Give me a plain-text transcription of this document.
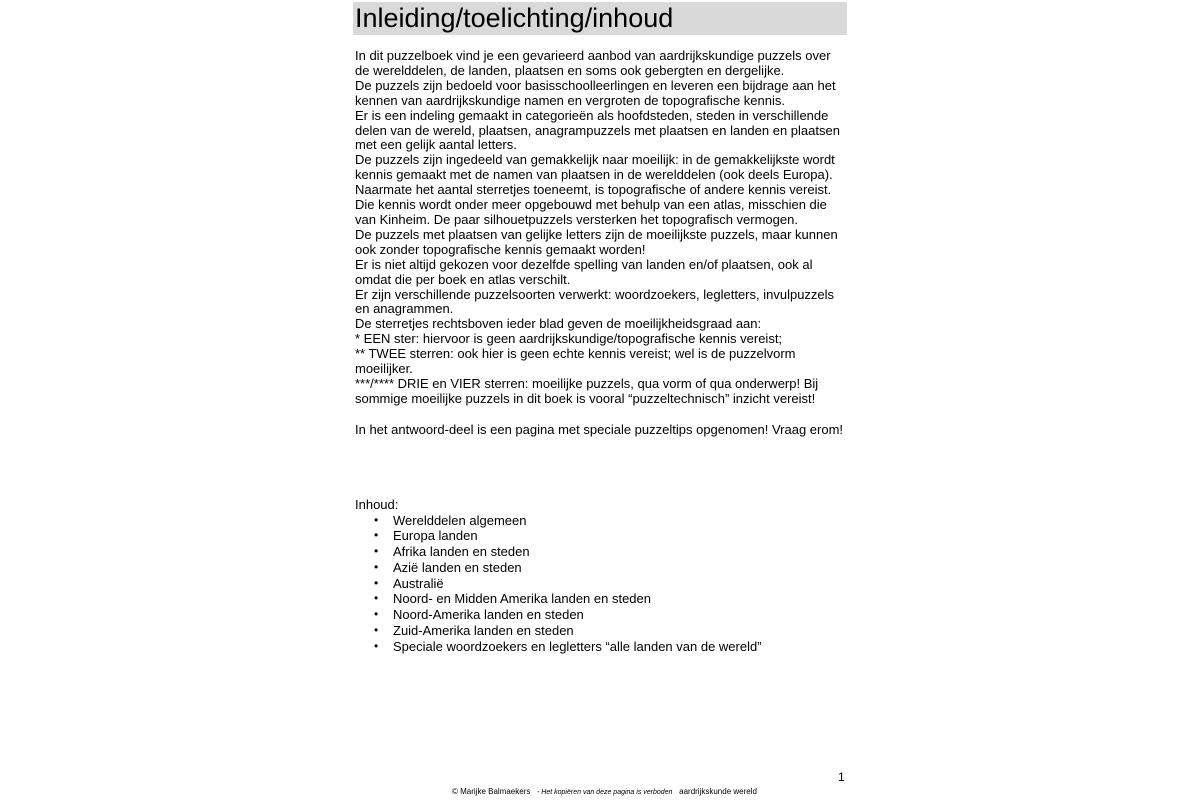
Inleiding/toelichting/inhoud

In dit puzzelboek vind je een gevarieerd aanbod van aardrijkskundige puzzels over

de werelddelen, de landen, plaatsen en soms ook gebergten en dergelijke.

De puzzels zijn bedoeld voor basisschoolleerlingen en leveren een bijdrage aan het

kennen van aardrijkskundige namen en vergroten de topografische kennis.

Er is een indeling gemaakt in categorieën als hoofdsteden, steden in verschillende

delen van de wereld, plaatsen, anagrampuzzels met plaatsen en landen en plaatsen

met een gelijk aantal letters.

De puzzels zijn ingedeeld van gemakkelijk naar moeilijk: in de gemakkelijkste wordt

kennis gemaakt met de namen van plaatsen in de werelddelen (ook deels Europa).

Naarmate het aantal sterretjes toeneemt, is topografische of andere kennis vereist.

Die kennis wordt onder meer opgebouwd met behulp van een atlas, misschien die

van Kinheim. De paar silhouetpuzzels versterken het topografisch vermogen.

De puzzels met plaatsen van gelijke letters zijn de moeilijkste puzzels, maar kunnen

ook zonder topografische kennis gemaakt worden!

Er is niet altijd gekozen voor dezelfde spelling van landen en/of plaatsen, ook al

omdat die per boek en atlas verschilt.

Er zijn verschillende puzzelsoorten verwerkt: woordzoekers, legletters, invulpuzzels

en anagrammen.

De sterretjes rechtsboven ieder blad geven de moeilijkheidsgraad aan:

* EEN ster: hiervoor is geen aardrijkskundige/topografische kennis vereist;

** TWEE sterren: ook hier is geen echte kennis vereist; wel is de puzzelvorm

moeilijker.

***/**** DRIE en VIER sterren: moeilijke puzzels, qua vorm of qua onderwerp! Bij

sommige moeilijke puzzels in dit boek is vooral “puzzeltechnisch” inzicht vereist!

In het antwoord-deel is een pagina met speciale puzzeltips opgenomen! Vraag erom!
Inhoud:
• Werelddelen algemeen
• Europa landen
• Afrika landen en steden
• Azië landen en steden
• Australië
• Noord- en Midden Amerika landen en steden
• Noord-Amerika landen en steden
• Zuid-Amerika landen en steden
• Speciale woordzoekers en legletters “alle landen van de wereld”
1
© Marijke Balmaekers - Het kopiëren van deze pagina is verboden aardrijkskunde wereld
